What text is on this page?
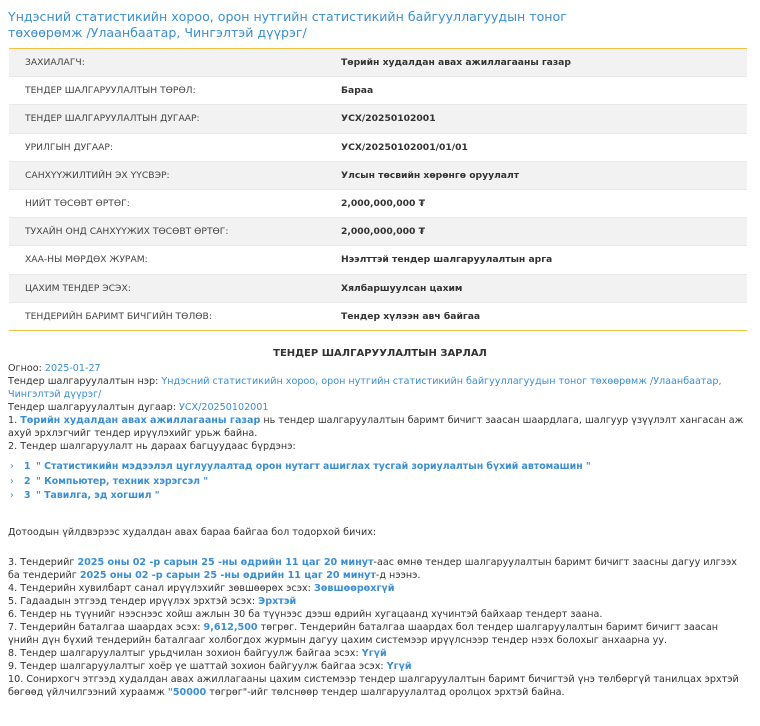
Үндэсний статистикийн хороо, орон нутгийн статистикийн байгууллагуудын тоног төхөөрөмж /Улаанбаатар, Чингэлтэй дүүрэг/
ЗАХИАЛАГЧ:	Төрийн худалдан авах ажиллагааны газар
ТЕНДЕР ШАЛГАРУУЛАЛТЫН ТӨРӨЛ:	Бараа
ТЕНДЕР ШАЛГАРУУЛАЛТЫН ДУГААР:	УСХ/20250102001
УРИЛГЫН ДУГААР:	УСХ/20250102001/01/01
САНХҮҮЖИЛТИЙН ЭХ ҮҮСВЭР:	Улсын төсвийн хөрөнгө оруулалт
НИЙТ ТӨСӨВТ ӨРТӨГ:	2,000,000,000 ₮
ТУХАЙН ОНД САНХҮҮЖИХ ТӨСӨВТ ӨРТӨГ:	2,000,000,000 ₮
ХАА-НЫ МӨРДӨХ ЖУРАМ:	Нээлттэй тендер шалгаруулалтын арга
ЦАХИМ ТЕНДЕР ЭСЭХ:	Хялбаршуулсан цахим
ТЕНДЕРИЙН БАРИМТ БИЧГИЙН ТӨЛӨВ:	Тендер хүлээн авч байгаа
ТЕНДЕР ШАЛГАРУУЛАЛТЫН ЗАРЛАЛ
Огноо: 2025-01-27
Тендер шалгаруулалтын нэр: Үндэсний статистикийн хороо, орон нутгийн статистикийн байгууллагуудын тоног төхөөрөмж /Улаанбаатар, Чингэлтэй дүүрэг/
Тендер шалгаруулалтын дугаар: УСХ/20250102001
1. Төрийн худалдан авах ажиллагааны газар нь тендер шалгаруулалтын баримт бичигт заасан шаардлага, шалгуур үзүүлэлт хангасан аж ахуй эрхлэгчийг тендер ирүүлэхийг урьж байна.
2. Тендер шалгаруулалт нь дараах багцуудаас бүрдэнэ:
› 1 " Статистикийн мэдээлэл цуглуулалтад орон нутагт ашиглах тусгай зориулалтын бүхий автомашин "
› 2 " Компьютер, техник хэрэгсэл "
› 3 " Тавилга, эд хогшил "
Дотоодын үйлдвэрээс худалдан авах бараа байгаа бол тодорхой бичих:
3. Тендерийг 2025 оны 02 -р сарын 25 -ны өдрийн 11 цаг 20 минут-аас өмнө тендер шалгаруулалтын баримт бичигт заасны дагуу илгээх ба тендерийг 2025 оны 02 -р сарын 25 -ны өдрийн 11 цаг 20 минут-д нээнэ.
4. Тендерийн хувилбарт санал ирүүлэхийг зөвшөөрөх эсэх: Зөвшөөрөхгүй
5. Гадаадын этгээд тендер ирүүлэх эрхтэй эсэх: Эрхтэй
6. Тендер нь түүнийг нээснээс хойш ажлын 30 ба түүнээс дээш өдрийн хугацаанд хүчинтэй байхаар тендерт заана.
7. Тендерийн баталгаа шаардах эсэх: 9,612,500 төгрөг. Тендерийн баталгаа шаардах бол тендер шалгаруулалтын баримт бичигт заасан үнийн дүн бүхий тендерийн баталгааг холбогдох журмын дагуу цахим системээр ирүүлснээр тендер нээх болохыг анхаарна уу.
8. Тендер шалгаруулалтыг урьдчилан зохион байгуулж байгаа эсэх: Үгүй
9. Тендер шалгаруулалтыг хоёр үе шаттай зохион байгуулж байгаа эсэх: Үгүй
10. Сонирхогч этгээд худалдан авах ажиллагааны цахим системээр тендер шалгаруулалтын баримт бичигтэй үнэ төлбөргүй танилцах эрхтэй бөгөөд үйлчилгээний хураамж "50000 төгрөг"-ийг төлснөөр тендер шалгаруулалтад оролцох эрхтэй байна.
